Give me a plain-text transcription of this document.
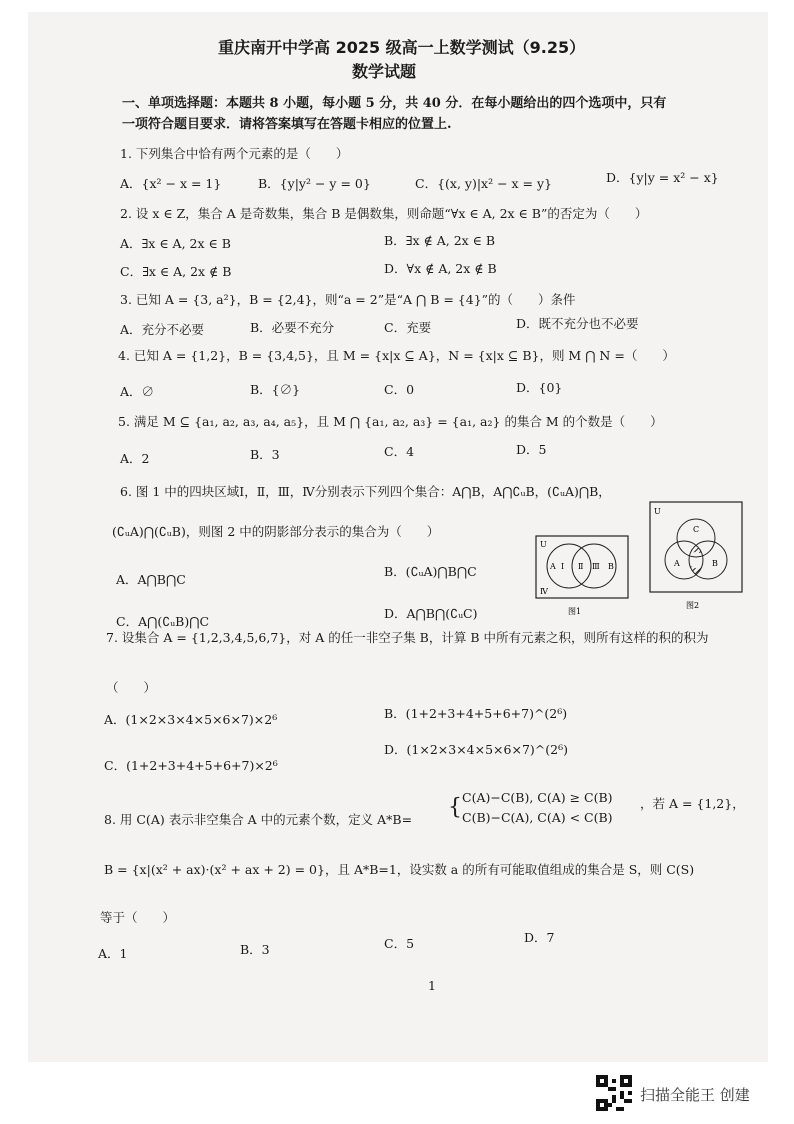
重庆南开中学高 2025 级高一上数学测试（9.25）
数学试题
一、单项选择题：本题共 8 小题，每小题 5 分，共 40 分．在每小题给出的四个选项中，只有
一项符合题目要求．请将答案填写在答题卡相应的位置上.
1. 下列集合中恰有两个元素的是（　　）
A．{x² − x = 1}	B．{y|y² − y = 0}	C．{(x, y)|x² − x = y}	D．{y|y = x² − x}
2. 设 x ∈ Z，集合 A 是奇数集，集合 B 是偶数集，则命题“∀x ∈ A, 2x ∈ B”的否定为（　　）
A．∃x ∈ A, 2x ∈ B	B．∃x ∉ A, 2x ∈ B
C．∃x ∈ A, 2x ∉ B	D．∀x ∉ A, 2x ∉ B
3. 已知 A = {3, a²}，B = {2,4}，则“a = 2”是“A ⋂ B = {4}”的（　　）条件
A．充分不必要	B．必要不充分	C．充要	D．既不充分也不必要
4. 已知 A = {1,2}，B = {3,4,5}，且 M = {x|x ⊆ A}，N = {x|x ⊆ B}，则 M ⋂ N =（　　）
A．∅	B．{∅}	C．0	D．{0}
5. 满足 M ⊆ {a₁, a₂, a₃, a₄, a₅}，且 M ⋂ {a₁, a₂, a₃} = {a₁, a₂} 的集合 M 的个数是（　　）
A．2	B．3	C．4	D．5
6. 图 1 中的四块区域Ⅰ，Ⅱ，Ⅲ，Ⅳ分别表示下列四个集合：A⋂B，A⋂∁ᵤB，(∁ᵤA)⋂B，
(∁ᵤA)⋂(∁ᵤB)，则图 2 中的阴影部分表示的集合为（　　）
A．A⋂B⋂C
B．(∁ᵤA)⋂B⋂C
C．A⋂(∁ᵤB)⋂C
D．A⋂B⋂(∁ᵤC)
U
A Ⅰ Ⅱ Ⅲ B
Ⅳ
图1
U
C
A	B
图2
7. 设集合 A = {1,2,3,4,5,6,7}，对 A 的任一非空子集 B，计算 B 中所有元素之积，则所有这样的积的积为
（　　）
A．(1×2×3×4×5×6×7)×2⁶	B．(1+2+3+4+5+6+7)^(2⁶)
C．(1+2+3+4+5+6+7)×2⁶
D．(1×2×3×4×5×6×7)^(2⁶)
8. 用 C(A) 表示非空集合 A 中的元素个数，定义 A*B= { C(A)−C(B), C(A) ≥ C(B)
C(B)−C(A), C(A) < C(B)
，若 A = {1,2}，
B = {x|(x² + ax)·(x² + ax + 2) = 0}，且 A*B=1，设实数 a 的所有可能取值组成的集合是 S，则 C(S)
等于（　　）
A．1	B．3	C．5	D．7
1
扫描全能王 创建
